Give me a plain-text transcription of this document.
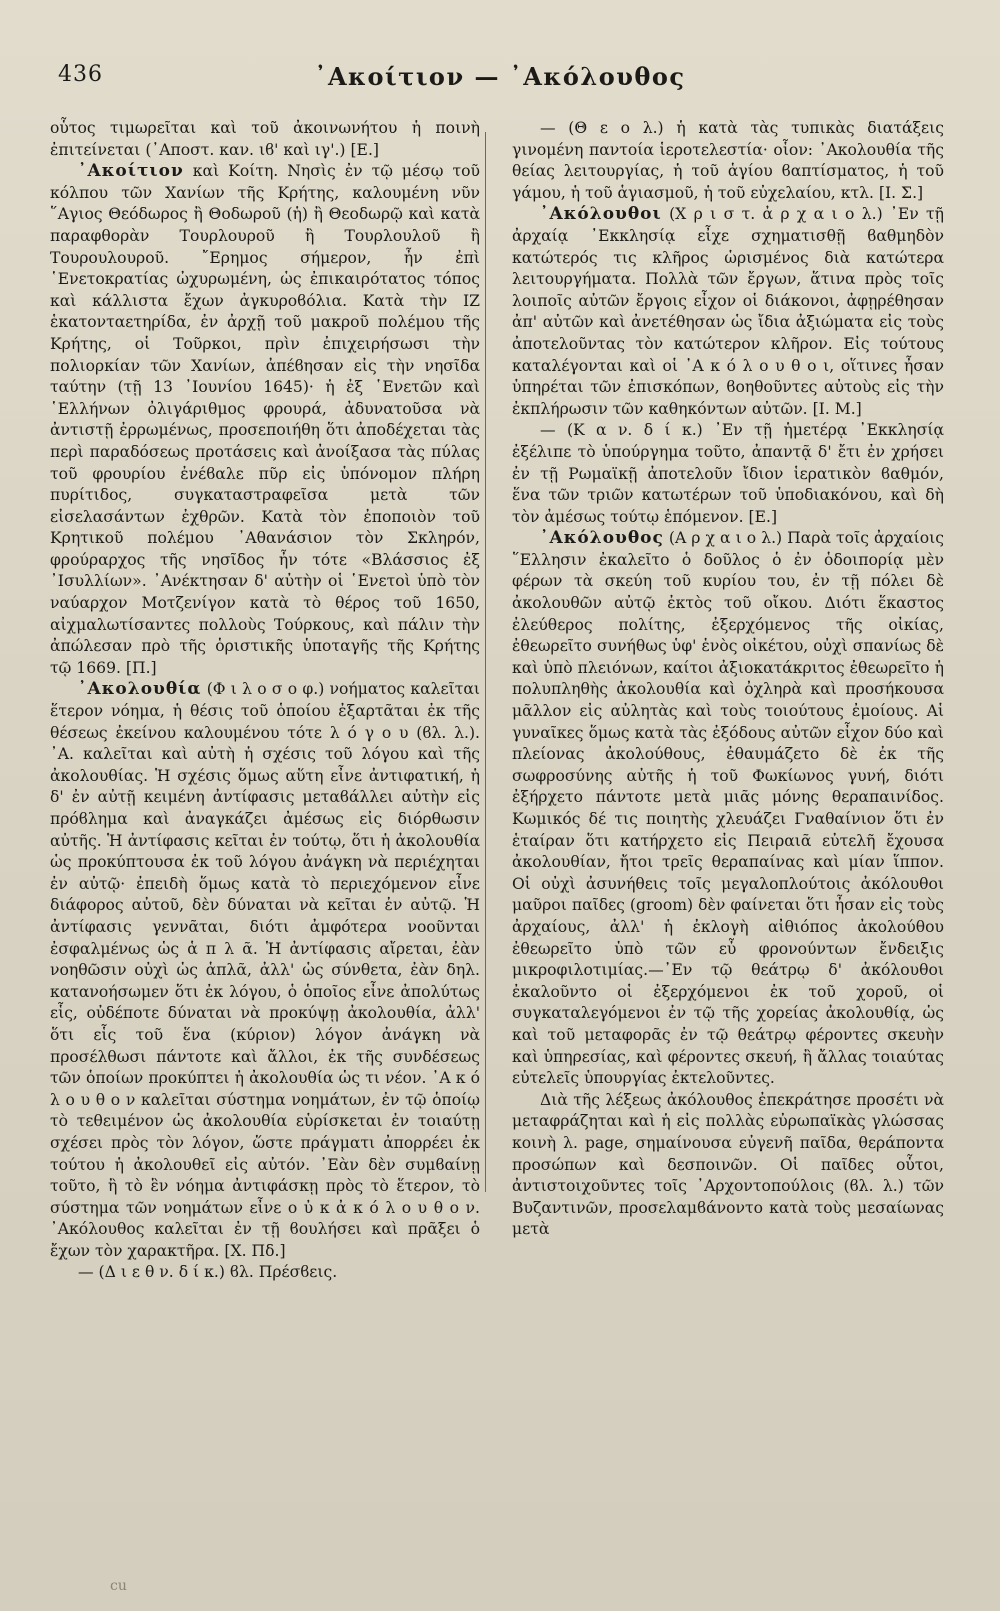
436	᾿Ακοίτιον — ᾿Ακόλουθος

οὗτος τιμωρεῖται καὶ τοῦ ἀκοινωνήτου ἡ ποινὴ ἐπιτείνεται (᾿Αποστ. καν. ιϐ' καὶ ιγ'.) [Ε.]

᾿Ακοίτιον καὶ Κοίτη. Νησὶς ἐν τῷ μέσῳ τοῦ κόλπου τῶν Χανίων τῆς Κρήτης, καλουμένη νῦν ῞Αγιος Θεόδωρος ἢ Θοδωροῦ (ἡ) ἢ Θεοδωρῷ καὶ κατὰ παραφθορὰν Τουρλουροῦ ἢ Τουρλουλοῦ ἢ Τουρουλουροῦ. ῎Ερημος σήμερον, ἦν ἐπὶ ῾Ενετοκρατίας ὠχυρωμένη, ὡς ἐπικαιρότατος τόπος καὶ κάλλιστα ἔχων ἀγκυροϐόλια. Κατὰ τὴν ΙΖ ἑκατονταετηρίδα, ἐν ἀρχῇ τοῦ μακροῦ πολέμου τῆς Κρήτης, οἱ Τοῦρκοι, πρὶν ἐπιχειρήσωσι τὴν πολιορκίαν τῶν Χανίων, ἀπέϐησαν εἰς τὴν νησῖδα ταύτην (τῇ 13 ᾿Ιουνίου 1645)· ἡ ἐξ ῾Ενετῶν καὶ ῾Ελλήνων ὀλιγάριθμος φρουρά, ἀδυνατοῦσα νὰ ἀντιστῇ ἐρρωμένως, προσεποιήθη ὅτι ἀποδέχεται τὰς περὶ παραδόσεως προτάσεις καὶ ἀνοίξασα τὰς πύλας τοῦ φρουρίου ἐνέϐαλε πῦρ εἰς ὑπόνομον πλήρη πυρίτιδος, συγκαταστραφεῖσα μετὰ τῶν εἰσελασάντων ἐχθρῶν. Κατὰ τὸν ἐποποιὸν τοῦ Κρητικοῦ πολέμου ᾿Αθανάσιον τὸν Σκληρόν, φρούραρχος τῆς νησῖδος ἦν τότε «Βλάσσιος ἐξ ᾿Ισυλλίων». ᾿Ανέκτησαν δ' αὐτὴν οἱ ῾Ενετοὶ ὑπὸ τὸν ναύαρχον Μοτζενίγον κατὰ τὸ θέρος τοῦ 1650, αἰχμαλωτίσαντες πολλοὺς Τούρκους, καὶ πάλιν τὴν ἀπώλεσαν πρὸ τῆς ὁριστικῆς ὑποταγῆς τῆς Κρήτης τῷ 1669. [Π.]

᾿Ακολουθία (Φ ι λ ο σ ο φ.) νοήματος καλεῖται ἕτερον νόημα, ἡ θέσις τοῦ ὁποίου ἐξαρτᾶται ἐκ τῆς θέσεως ἐκείνου καλουμένου τότε λ ό γ ο υ (ϐλ. λ.). ᾿Α. καλεῖται καὶ αὐτὴ ἡ σχέσις τοῦ λόγου καὶ τῆς ἀκολουθίας. Ἡ σχέσις ὅμως αὕτη εἶνε ἀντιφατική, ἡ δ' ἐν αὐτῇ κειμένη ἀντίφασις μεταϐάλλει αὐτὴν εἰς πρόϐλημα καὶ ἀναγκάζει ἀμέσως εἰς διόρθωσιν αὐτῆς. Ἡ ἀντίφασις κεῖται ἐν τούτῳ, ὅτι ἡ ἀκολουθία ὡς προκύπτουσα ἐκ τοῦ λόγου ἀνάγκη νὰ περιέχηται ἐν αὐτῷ· ἐπειδὴ ὅμως κατὰ τὸ περιεχόμενον εἶνε διάφορος αὐτοῦ, δὲν δύναται νὰ κεῖται ἐν αὐτῷ. Ἡ ἀντίφασις γεννᾶται, διότι ἀμφότερα νοοῦνται ἐσφαλμένως ὡς ἁ π λ ᾶ. Ἡ ἀντίφασις αἴρεται, ἐὰν νοηθῶσιν οὐχὶ ὡς ἁπλᾶ, ἀλλ' ὡς σύνθετα, ἐὰν δηλ. κατανοήσωμεν ὅτι ἐκ λόγου, ὁ ὁποῖος εἶνε ἀπολύτως εἷς, οὐδέποτε δύναται νὰ προκύψῃ ἀκολουθία, ἀλλ' ὅτι εἷς τοῦ ἕνα (κύριον) λόγον ἀνάγκη νὰ προσέλθωσι πάντοτε καὶ ἄλλοι, ἐκ τῆς συνδέσεως τῶν ὁποίων προκύπτει ἡ ἀκολουθία ὡς τι νέον. ᾿Α κ ό λ ο υ θ ο ν καλεῖται σύστημα νοημάτων, ἐν τῷ ὁποίῳ τὸ τεθειμένον ὡς ἀκολουθία εὑρίσκεται ἐν τοιαύτῃ σχέσει πρὸς τὸν λόγον, ὥστε πράγματι ἀπορρέει ἐκ τούτου ἡ ἀκολουθεῖ εἰς αὐτόν. ᾿Εὰν δὲν συμϐαίνῃ τοῦτο, ἢ τὸ ἓν νόημα ἀντιφάσκῃ πρὸς τὸ ἕτερον, τὸ σύστημα τῶν νοημάτων εἶνε ο ὐ κ ἀ κ ό λ ο υ θ ο ν. ᾿Ακόλουθος καλεῖται ἐν τῇ ϐουλήσει καὶ πρᾶξει ὁ ἔχων τὸν χαρακτῆρα. [Χ. Πδ.]

— (Δ ι ε θ ν. δ ί κ.) ϐλ. Πρέσϐεις.

— (Θ ε ο λ.) ἡ κατὰ τὰς τυπικὰς διατάξεις γινομένη παντοία ἱεροτελεστία· οἷον: ᾿Ακολουθία τῆς θείας λειτουργίας, ἡ τοῦ ἁγίου ϐαπτίσματος, ἡ τοῦ γάμου, ἡ τοῦ ἁγιασμοῦ, ἡ τοῦ εὐχελαίου, κτλ. [Ι. Σ.]

᾿Ακόλουθοι (Χ ρ ι σ τ. ἀ ρ χ α ι ο λ.) ᾿Εν τῇ ἀρχαίᾳ ᾿Εκκλησίᾳ εἶχε σχηματισθῇ ϐαθμηδὸν κατώτερός τις κλῆρος ὡρισμένος διὰ κατώτερα λειτουργήματα. Πολλὰ τῶν ἔργων, ἅτινα πρὸς τοῖς λοιποῖς αὐτῶν ἔργοις εἶχον οἱ διάκονοι, ἀφῃρέθησαν ἀπ' αὐτῶν καὶ ἀνετέθησαν ὡς ἴδια ἀξιώματα εἰς τοὺς ἀποτελοῦντας τὸν κατώτερον κλῆρον. Εἰς τούτους καταλέγονται καὶ οἱ ᾿Α κ ό λ ο υ θ ο ι, οἵτινες ἦσαν ὑπηρέται τῶν ἐπισκόπων, ϐοηθοῦντες αὐτοὺς εἰς τὴν ἐκπλήρωσιν τῶν καθηκόντων αὐτῶν. [Ι. Μ.]

— (Κ α ν. δ ί κ.) ᾿Εν τῇ ἡμετέρᾳ ᾿Εκκλησίᾳ ἐξέλιπε τὸ ὑπούργημα τοῦτο, ἀπαντᾷ δ' ἔτι ἐν χρήσει ἐν τῇ Ρωμαϊκῇ ἀποτελοῦν ἴδιον ἱερατικὸν ϐαθμόν, ἕνα τῶν τριῶν κατωτέρων τοῦ ὑποδιακόνου, καὶ δὴ τὸν ἀμέσως τούτῳ ἑπόμενον. [Ε.]

᾿Ακόλουθος (Α ρ χ α ι ο λ.) Παρὰ τοῖς ἀρχαίοις ῞Ελλησιν ἐκαλεῖτο ὁ δοῦλος ὁ ἐν ὁδοιπορίᾳ μὲν φέρων τὰ σκεύη τοῦ κυρίου του, ἐν τῇ πόλει δὲ ἀκολουθῶν αὐτῷ ἐκτὸς τοῦ οἴκου. Διότι ἕκαστος ἐλεύθερος πολίτης, ἐξερχόμενος τῆς οἰκίας, ἐθεωρεῖτο συνήθως ὑφ' ἑνὸς οἰκέτου, οὐχὶ σπανίως δὲ καὶ ὑπὸ πλειόνων, καίτοι ἀξιοκατάκριτος ἐθεωρεῖτο ἡ πολυπληθὴς ἀκολουθία καὶ ὀχληρὰ καὶ προσήκουσα μᾶλλον εἰς αὐλητὰς καὶ τοὺς τοιούτους ἐμοίους. Αἱ γυναῖκες ὅμως κατὰ τὰς ἐξόδους αὐτῶν εἶχον δύο καὶ πλείονας ἀκολούθους, ἐθαυμάζετο δὲ ἐκ τῆς σωφροσύνης αὐτῆς ἡ τοῦ Φωκίωνος γυνή, διότι ἐξήρχετο πάντοτε μετὰ μιᾶς μόνης θεραπαινίδος. Κωμικός δέ τις ποιητὴς χλευάζει Γναθαίνιον ὅτι ἐν ἑταίραν ὅτι κατήρχετο εἰς Πειραιᾶ εὐτελῆ ἔχουσα ἀκολουθίαν, ἤτοι τρεῖς θεραπαίνας καὶ μίαν ἵππον. Οἱ οὐχὶ ἀσυνήθεις τοῖς μεγαλοπλούτοις ἀκόλουθοι μαῦροι παῖδες (groom) δὲν φαίνεται ὅτι ἦσαν εἰς τοὺς ἀρχαίους, ἀλλ' ἡ ἐκλογὴ αἰθιόπος ἀκολούθου ἐθεωρεῖτο ὑπὸ τῶν εὖ φρονούντων ἔνδειξις μικροφιλοτιμίας.—᾿Εν τῷ θεάτρῳ δ' ἀκόλουθοι ἐκαλοῦντο οἱ ἐξερχόμενοι ἐκ τοῦ χοροῦ, οἱ συγκαταλεγόμενοι ἐν τῷ τῆς χορείας ἀκολουθίᾳ, ὡς καὶ τοῦ μεταφορᾶς ἐν τῷ θεάτρῳ φέροντες σκευὴν καὶ ὑπηρεσίας, καὶ φέροντες σκευή, ἢ ἄλλας τοιαύτας εὐτελεῖς ὑπουργίας ἐκτελοῦντες.

Διὰ τῆς λέξεως ἀκόλουθος ἐπεκράτησε προσέτι νὰ μεταφράζηται καὶ ἡ εἰς πολλὰς εὐρωπαϊκὰς γλώσσας κοινὴ λ. page, σημαίνουσα εὐγενῆ παῖδα, θεράποντα προσώπων καὶ δεσποινῶν. Οἱ παῖδες οὗτοι, ἀντιστοιχοῦντες τοῖς ᾿Αρχοντοπούλοις (ϐλ. λ.) τῶν Βυζαντινῶν, προσελαμϐάνοντο κατὰ τοὺς μεσαίωνας μετὰ

cu
